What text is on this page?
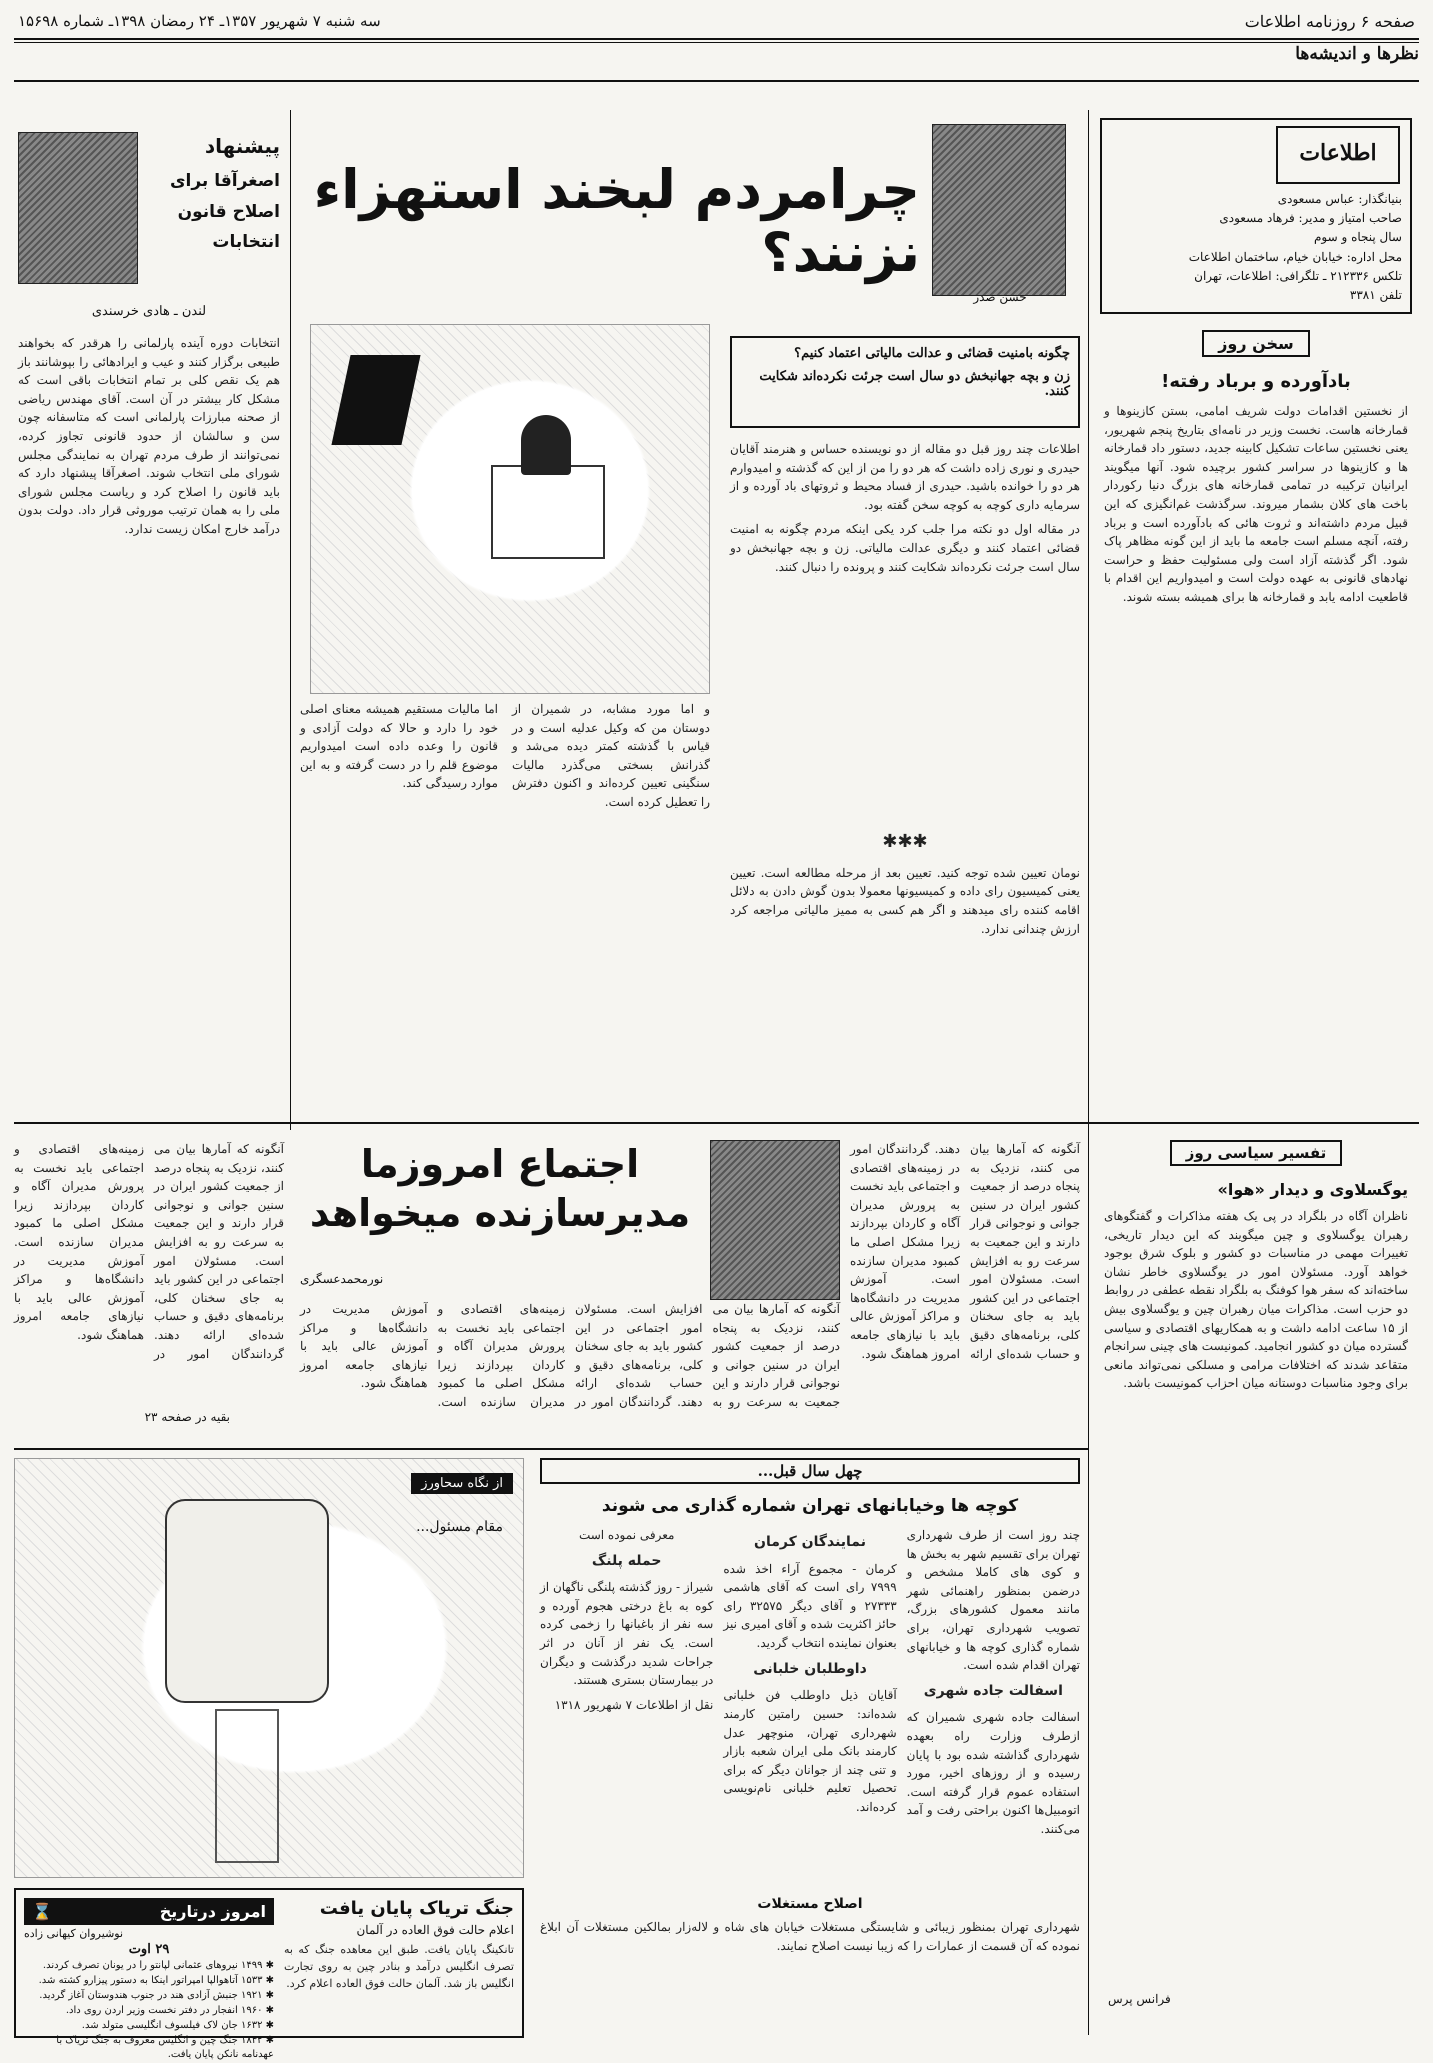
صفحه ۶ روزنامه اطلاعات
سه شنبه ۷ شهریور ۱۳۵۷ـ ۲۴ رمضان ۱۳۹۸ـ شماره ۱۵۶۹۸
نظرها و اندیشه‌ها
اطلاعات
بنیانگذار: عباس مسعودی
صاحب امتیاز و مدیر: فرهاد مسعودی
سال پنجاه و سوم
محل اداره: خیابان خیام، ساختمان اطلاعات
تلکس ۲۱۲۳۳۶ ـ تلگرافی: اطلاعات، تهران
تلفن ۳۳۸۱
سخن روز
بادآورده و برباد رفته!
از نخستین اقدامات دولت شریف امامی، بستن کازینوها و قمارخانه هاست. نخست وزیر در نامه‌ای بتاریخ پنجم شهریور، یعنی نخستین ساعات تشکیل کابینه جدید، دستور داد قمارخانه ها و کازینوها در سراسر کشور برچیده شود. آنها میگویند ایرانیان ترکیبه در تمامی قمارخانه های بزرگ دنیا رکوردار باخت های کلان بشمار میروند. سرگذشت غم‌انگیزی که این قبیل مردم داشته‌اند و ثروت هائی که بادآورده است و برباد رفته، آنچه مسلم است جامعه ما باید از این گونه مظاهر پاک شود. اگر گذشته آزاد است ولی مسئولیت حفظ و حراست نهادهای قانونی به عهده دولت است و امیدواریم این اقدام با قاطعیت ادامه یابد و قمارخانه ها برای همیشه بسته شوند.
پیشنهاد
اصغرآقا برای اصلاح قانون انتخابات
لندن ـ هادی خرسندی
انتخابات دوره آینده پارلمانی را هرقدر که بخواهند طبیعی برگزار کنند و عیب و ایرادهائی را بپوشانند باز هم یک نقص کلی بر تمام انتخابات باقی است که مشکل کار بیشتر در آن است. آقای مهندس ریاضی از صحنه مبارزات پارلمانی است که متاسفانه چون سن و سالشان از حدود قانونی تجاوز کرده، نمی‌توانند از طرف مردم تهران به نمایندگی مجلس شورای ملی انتخاب شوند. اصغرآقا پیشنهاد دارد که باید قانون را اصلاح کرد و ریاست مجلس شورای ملی را به همان ترتیب موروثی قرار داد. دولت بدون درآمد خارج امکان زیست ندارد.
حسن صدر
چرامردم لبخند استهزاء نزنند؟
چگونه بامنیت قضائی و عدالت مالیاتی اعتماد کنیم؟
زن و بچه جهانبخش دو سال است جرئت نکرده‌اند شکایت کنند.

اطلاعات چند روز قبل دو مقاله از دو نویسنده حساس و هنرمند آقایان حیدری و نوری زاده داشت که هر دو را من از این که گذشته و امیدوارم هر دو را خوانده باشید. حیدری از فساد محیط و ثروتهای باد آورده و از سرمایه داری کوچه به کوچه سخن گفته بود.

در مقاله اول دو نکته مرا جلب کرد یکی اینکه مردم چگونه به امنیت قضائی اعتماد کنند و دیگری عدالت مالیاتی. زن و بچه جهانبخش دو سال است جرئت نکرده‌اند شکایت کنند و پرونده را دنبال کنند.

✱✱✱

نومان تعیین شده توجه کنید. تعیین بعد از مرحله مطالعه است. تعیین یعنی کمیسیون رای داده و کمیسیونها معمولا بدون گوش دادن به دلائل اقامه کننده رای میدهند و اگر هم کسی به ممیز مالیاتی مراجعه کرد ارزش چندانی ندارد.

و اما مورد مشابه، در شمیران از دوستان من که وکیل عدلیه است و در قیاس با گذشته کمتر دیده می‌شد و گذرانش بسختی می‌گذرد مالیات سنگینی تعیین کرده‌اند و اکنون دفترش را تعطیل کرده است.

اما مالیات مستقیم همیشه معنای اصلی خود را دارد و حالا که دولت آزادی و قانون را وعده داده است امیدواریم موضوع قلم را در دست گرفته و به این موارد رسیدگی کند.

تفسیر سیاسی روز
یوگسلاوی و دیدار «هوا»
ناظران آگاه در بلگراد در پی یک هفته مذاکرات و گفتگوهای رهبران یوگسلاوی و چین میگویند که این دیدار تاریخی، تغییرات مهمی در مناسبات دو کشور و بلوک شرق بوجود خواهد آورد. مسئولان امور در یوگسلاوی خاطر نشان ساخته‌اند که سفر هوا کوفنگ به بلگراد نقطه عطفی در روابط دو حزب است. مذاکرات میان رهبران چین و یوگسلاوی بیش از ۱۵ ساعت ادامه داشت و به همکاریهای اقتصادی و سیاسی گسترده میان دو کشور انجامید. کمونیست های چینی سرانجام متقاعد شدند که اختلافات مرامی و مسلکی نمی‌تواند مانعی برای وجود مناسبات دوستانه میان احزاب کمونیست باشد.
فرانس پرس
اجتماع امروزما
مدیرسازنده میخواهد
نورمحمدعسگری
آنگونه که آمارها بیان می کنند، نزدیک به پنجاه درصد از جمعیت کشور ایران در سنین جوانی و نوجوانی قرار دارند و این جمعیت به سرعت رو به افزایش است. مسئولان امور اجتماعی در این کشور باید به جای سخنان کلی، برنامه‌های دقیق و حساب شده‌ای ارائه دهند. گردانندگان امور در زمینه‌های اقتصادی و اجتماعی باید نخست به پرورش مدیران آگاه و کاردان بپردازند زیرا مشکل اصلی ما کمبود مدیران سازنده است. آموزش مدیریت در دانشگاه‌ها و مراکز آموزش عالی باید با نیازهای جامعه امروز هماهنگ شود.
آنگونه که آمارها بیان می کنند، نزدیک به پنجاه درصد از جمعیت کشور ایران در سنین جوانی و نوجوانی قرار دارند و این جمعیت به سرعت رو به افزایش است. مسئولان امور اجتماعی در این کشور باید به جای سخنان کلی، برنامه‌های دقیق و حساب شده‌ای ارائه دهند. گردانندگان امور در زمینه‌های اقتصادی و اجتماعی باید نخست به پرورش مدیران آگاه و کاردان بپردازند زیرا مشکل اصلی ما کمبود مدیران سازنده است. آموزش مدیریت در دانشگاه‌ها و مراکز آموزش عالی باید با نیازهای جامعه امروز هماهنگ شود.
آنگونه که آمارها بیان می کنند، نزدیک به پنجاه درصد از جمعیت کشور ایران در سنین جوانی و نوجوانی قرار دارند و این جمعیت به سرعت رو به افزایش است. مسئولان امور اجتماعی در این کشور باید به جای سخنان کلی، برنامه‌های دقیق و حساب شده‌ای ارائه دهند. گردانندگان امور در زمینه‌های اقتصادی و اجتماعی باید نخست به پرورش مدیران آگاه و کاردان بپردازند زیرا مشکل اصلی ما کمبود مدیران سازنده است. آموزش مدیریت در دانشگاه‌ها و مراکز آموزش عالی باید با نیازهای جامعه امروز هماهنگ شود.
بقیه در صفحه ۲۳
از نگاه سحاورز
مقام مسئول...
چهل سال قبل...
کوچه ها وخیابانهای تهران شماره گذاری می شوند

چند روز است از طرف شهرداری تهران برای تقسیم شهر به بخش ها و کوی های کاملا مشخص و درضمن بمنظور راهنمائی شهر مانند معمول کشورهای بزرگ، تصویب شهرداری تهران، برای شماره گذاری کوچه ها و خیابانهای تهران اقدام شده است.

اسفالت جاده شهری

اسفالت جاده شهری شمیران که ازطرف وزارت راه بعهده شهرداری گذاشته شده بود با پایان رسیده و از روزهای اخیر، مورد استفاده عموم قرار گرفته است. اتومبیل‌ها اکنون براحتی رفت و آمد می‌کنند.

نمایندگان کرمان

کرمان - مجموع آراء اخذ شده ۷۹۹۹ رای است که آقای هاشمی ۲۷۳۳۳ و آقای دیگر ۳۲۵۷۵ رای حائز اکثریت شده و آقای امیری نیز بعنوان نماینده انتخاب گردید.

داوطلبان خلبانی

آقایان ذیل داوطلب فن خلبانی شده‌اند: حسین رامتین کارمند شهرداری تهران، منوچهر عدل کارمند بانک ملی ایران شعبه بازار و تنی چند از جوانان دیگر که برای تحصیل تعلیم خلبانی نام‌نویسی کرده‌اند.

معرفی نموده است

حمله پلنگ

شیراز - روز گذشته پلنگی ناگهان از کوه به باغ درختی هجوم آورده و سه نفر از باغبانها را زخمی کرده است. یک نفر از آنان در اثر جراحات شدید درگذشت و دیگران در بیمارستان بستری هستند.

نقل از اطلاعات ۷ شهریور ۱۳۱۸

اصلاح مستغلات
شهرداری تهران بمنظور زیبائی و شایستگی مستغلات خیابان های شاه و لاله‌زار بمالکین مستغلات آن ابلاغ نموده که آن قسمت از عمارات را که زیبا نیست اصلاح نمایند.
جنگ تریاک پایان یافت
اعلام حالت فوق العاده در آلمان
تانکینگ پایان یافت. طبق این معاهده جنگ که به تصرف انگلیس درآمد و بنادر چین به روی تجارت انگلیس باز شد. آلمان حالت فوق العاده اعلام کرد.
امروز درتاریخ
⌛
نوشیروان کیهانی زاده
۲۹ اوت
✱ ۱۴۹۹ نیروهای عثمانی لپانتو را در یونان تصرف کردند.
✱ ۱۵۳۳ آتاهوالپا امپراتور اینکا به دستور پیزارو کشته شد.
✱ ۱۹۲۱ جنبش آزادی هند در جنوب هندوستان آغاز گردید.
✱ ۱۹۶۰ انفجار در دفتر نخست وزیر اردن روی داد.
✱ ۱۶۳۲ جان لاک فیلسوف انگلیسی متولد شد.
✱ ۱۸۴۲ جنگ چین و انگلیس معروف به جنگ تریاک با عهدنامه نانکن پایان یافت.
